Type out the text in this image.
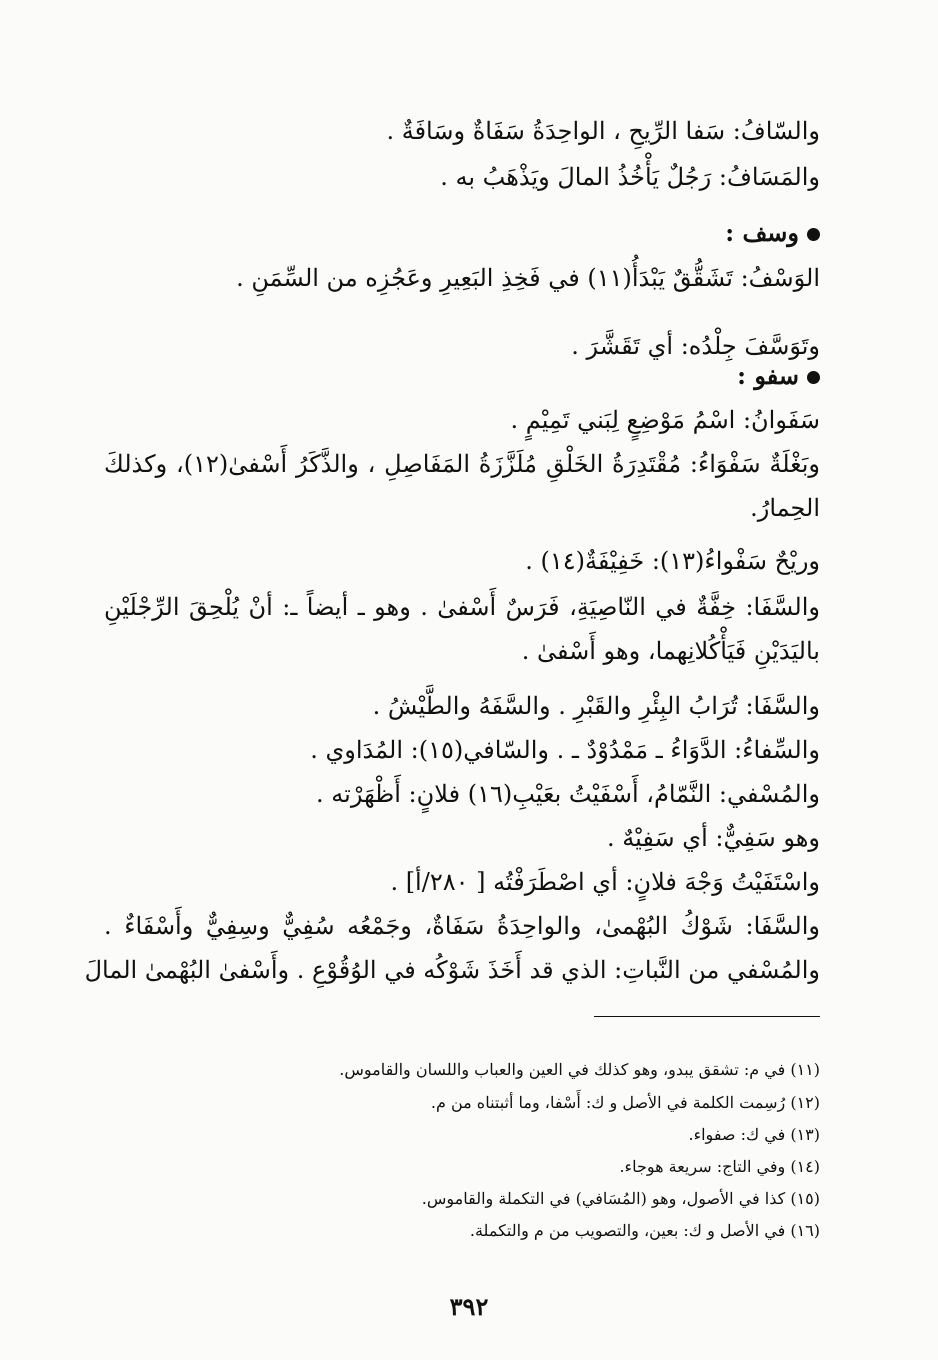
والسّافُ: سَفا الرِّيحِ ، الواحِدَةُ سَفَاةٌ وسَافَةٌ .
والمَسَافُ: رَجُلٌ يَأْخُذُ المالَ ويَذْهَبُ به .
وسف :
الوَسْفُ: تَشَقُّقٌ يَبْدَأُ(١١) في فَخِذِ البَعِيرِ وعَجُزِه من السِّمَنِ .
وتَوَسَّفَ جِلْدُه: أي تَقَشَّرَ .
سفو :
سَفَوانُ: اسْمُ مَوْضِعٍ لِبَني تَمِيْمٍ .
وبَغْلَةٌ سَفْوَاءُ: مُقْتَدِرَةُ الخَلْقِ مُلَزَّزَةُ المَفَاصِلِ ، والذَّكَرُ أَسْفىٰ(١٢)، وكذلكَ
الحِمارُ.
وريْحٌ سَفْواءُ(١٣): خَفِيْفَةٌ(١٤) .
والسَّفَا: خِفَّةٌ في النّاصِيَةِ، فَرَسٌ أَسْفىٰ . وهو ـ أيضاً ـ: أنْ يُلْحِقَ الرِّجْلَيْنِ
باليَدَيْنِ فَيَأْكُلانِهما، وهو أَسْفىٰ .
والسَّفَا: تُرَابُ البِئْرِ والقَبْرِ . والسَّفَهُ والطَّيْشُ .
والسِّفاءُ: الدَّوَاءُ ـ مَمْدُوْدٌ ـ . والسّافي(١٥): المُدَاوي .
والمُسْفي: النَّمّامُ، أَسْفَيْتُ بعَيْبِ(١٦) فلانٍ: أَظْهَرْته .
وهو سَفِيٌّ: أي سَفِيْهٌ .
واسْتَفَيْتُ وَجْهَ فلانٍ: أي اصْطَرَفْتُه [ ٢٨٠/أ] .
والسَّفَا: شَوْكُ البُهْمىٰ، والواحِدَةُ سَفَاةٌ، وجَمْعُه سُفِيٌّ وسِفِيٌّ وأَسْفَاءٌ .
والمُسْفي من النَّباتِ: الذي قد أَخَذَ شَوْكُه في الوُقُوْعِ . وأَسْفىٰ البُهْمىٰ المالَ
(١١) في م: تشقق يبدو، وهو كذلك في العين والعباب واللسان والقاموس.
(١٢) رُسِمت الكلمة في الأصل و ك: أَسْفا، وما أثبتناه من م.
(١٣) في ك: صفواء.
(١٤) وفي التاج: سريعة هوجاء.
(١٥) كذا في الأصول، وهو (المُسَافي) في التكملة والقاموس.
(١٦) في الأصل و ك: بعين، والتصويب من م والتكملة.
٣٩٢
